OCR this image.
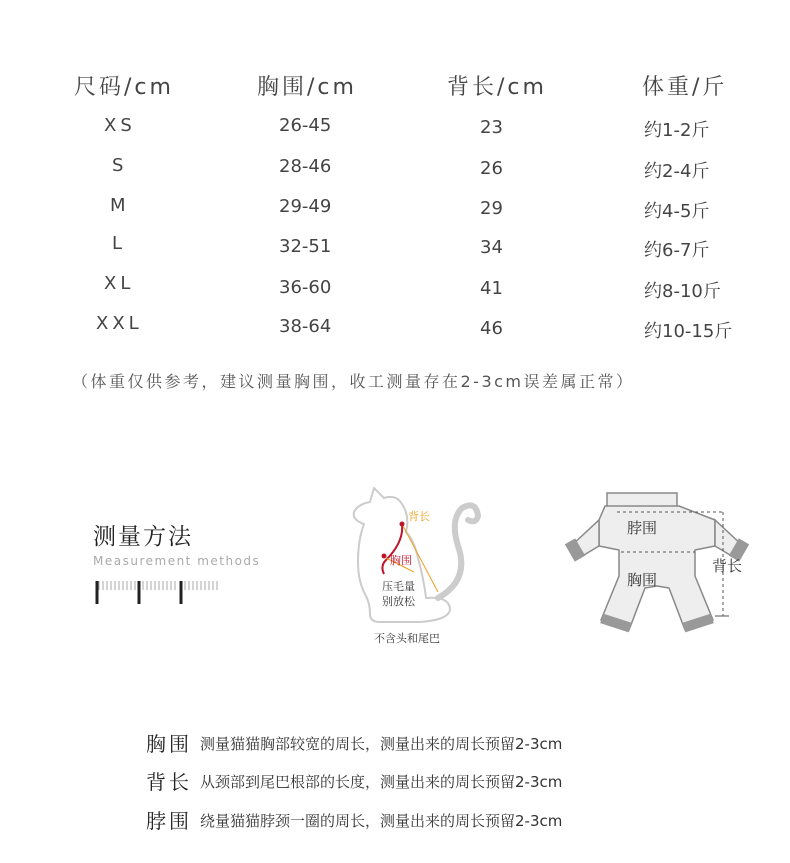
尺码/cm	胸围/cm	背长/cm	体重/斤
XS	26-45	23	约1-2斤
S	28-46	26	约2-4斤
M	29-49	29	约4-5斤
L	32-51	34	约6-7斤
XL	36-60	41	约8-10斤
XXL	38-64	46	约10-15斤
（体重仅供参考，建议测量胸围，收工测量存在2-3cm误差属正常）
测量方法
Measurement methods
背长
胸围
压毛量
别放松
不含头和尾巴
脖围
胸围
背长
胸围 测量猫猫胸部较宽的周长，测量出来的周长预留2-3cm
背长 从颈部到尾巴根部的长度，测量出来的周长预留2-3cm
脖围 绕量猫猫脖颈一圈的周长，测量出来的周长预留2-3cm
